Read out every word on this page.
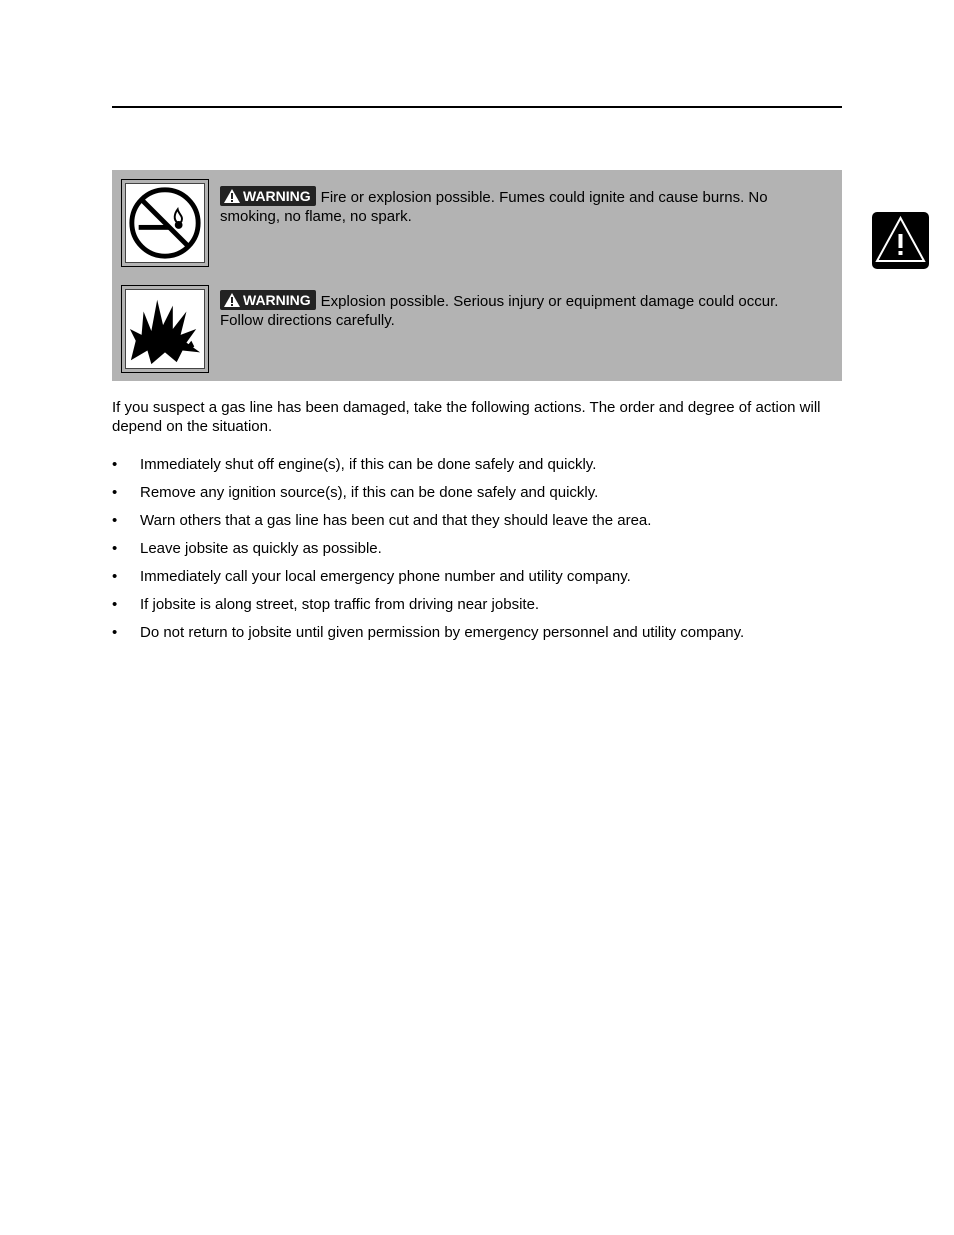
WARNING Fire or explosion possible. Fumes could ignite and cause burns. No smoking, no flame, no spark.
WARNING Explosion possible. Serious injury or equipment damage could occur. Follow directions carefully.
If you suspect a gas line has been damaged, take the following actions. The order and degree of action will depend on the situation.
• Immediately shut off engine(s), if this can be done safely and quickly.
• Remove any ignition source(s), if this can be done safely and quickly.
• Warn others that a gas line has been cut and that they should leave the area.
• Leave jobsite as quickly as possible.
• Immediately call your local emergency phone number and utility company.
• If jobsite is along street, stop traffic from driving near jobsite.
• Do not return to jobsite until given permission by emergency personnel and utility company.
